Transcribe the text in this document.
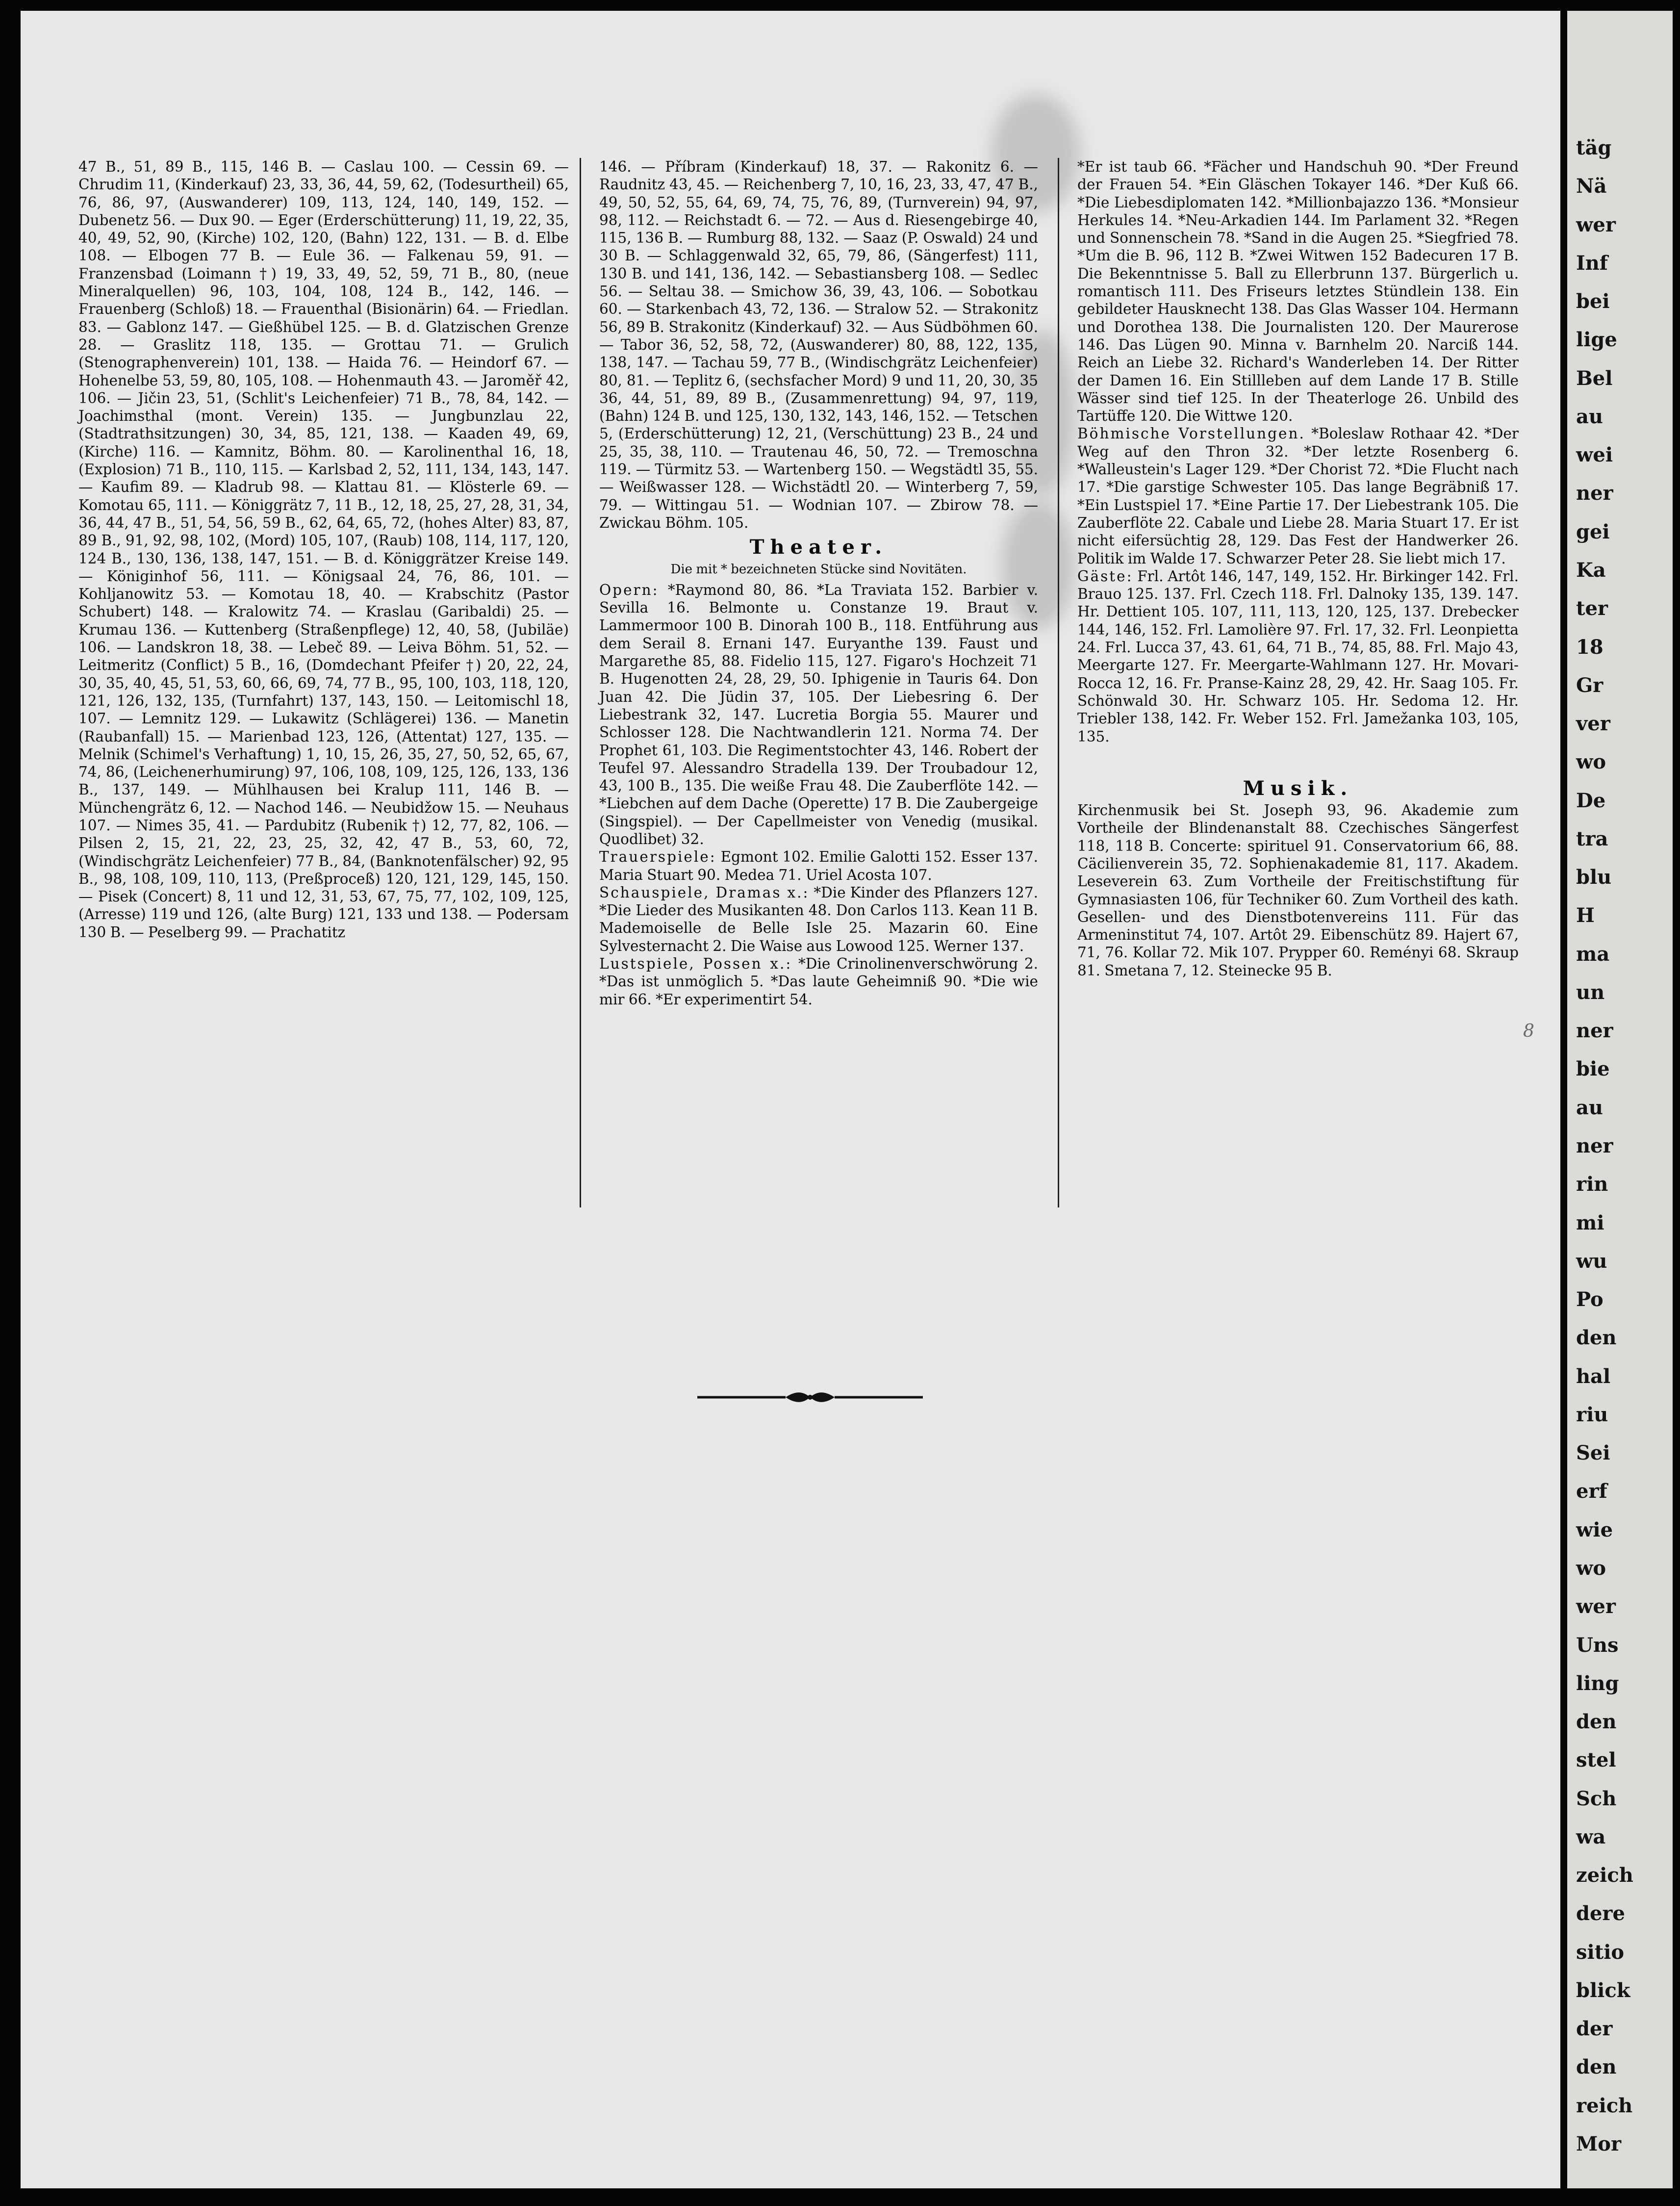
47 B., 51, 89 B., 115, 146 B. — Caslau 100. — Cessin 69. — Chrudim 11, (Kinderkauf) 23, 33, 36, 44, 59, 62, (Todesurtheil) 65, 76, 86, 97, (Auswanderer) 109, 113, 124, 140, 149, 152. — Dubenetz 56. — Dux 90. — Eger (Erderschütterung) 11, 19, 22, 35, 40, 49, 52, 90, (Kirche) 102, 120, (Bahn) 122, 131. — B. d. Elbe 108. — Elbogen 77 B. — Eule 36. — Falkenau 59, 91. — Franzensbad (Loimann †) 19, 33, 49, 52, 59, 71 B., 80, (neue Mineralquellen) 96, 103, 104, 108, 124 B., 142, 146. — Frauenberg (Schloß) 18. — Frauenthal (Bisionärin) 64. — Friedlan. 83. — Gablonz 147. — Gießhübel 125. — B. d. Glatzischen Grenze 28. — Graslitz 118, 135. — Grottau 71. — Grulich (Stenographenverein) 101, 138. — Haida 76. — Heindorf 67. — Hohenelbe 53, 59, 80, 105, 108. — Hohenmauth 43. — Jaroměř 42, 106. — Jičin 23, 51, (Schlit's Leichenfeier) 71 B., 78, 84, 142. — Joachimsthal (mont. Verein) 135. — Jungbunzlau 22, (Stadtrathsitzungen) 30, 34, 85, 121, 138. — Kaaden 49, 69, (Kirche) 116. — Kamnitz, Böhm. 80. — Karolinenthal 16, 18, (Explosion) 71 B., 110, 115. — Karlsbad 2, 52, 111, 134, 143, 147. — Kaufim 89. — Kladrub 98. — Klattau 81. — Klösterle 69. — Komotau 65, 111. — Königgrätz 7, 11 B., 12, 18, 25, 27, 28, 31, 34, 36, 44, 47 B., 51, 54, 56, 59 B., 62, 64, 65, 72, (hohes Alter) 83, 87, 89 B., 91, 92, 98, 102, (Mord) 105, 107, (Raub) 108, 114, 117, 120, 124 B., 130, 136, 138, 147, 151. — B. d. Königgrätzer Kreise 149. — Königinhof 56, 111. — Königsaal 24, 76, 86, 101. — Kohljanowitz 53. — Komotau 18, 40. — Krabschitz (Pastor Schubert) 148. — Kralowitz 74. — Kraslau (Garibaldi) 25. — Krumau 136. — Kuttenberg (Straßenpflege) 12, 40, 58, (Jubiläe) 106. — Landskron 18, 38. — Lebeč 89. — Leiva Böhm. 51, 52. — Leitmeritz (Conflict) 5 B., 16, (Domdechant Pfeifer †) 20, 22, 24, 30, 35, 40, 45, 51, 53, 60, 66, 69, 74, 77 B., 95, 100, 103, 118, 120, 121, 126, 132, 135, (Turnfahrt) 137, 143, 150. — Leitomischl 18, 107. — Lemnitz 129. — Lukawitz (Schlägerei) 136. — Manetin (Raubanfall) 15. — Marienbad 123, 126, (Attentat) 127, 135. — Melnik (Schimel's Verhaftung) 1, 10, 15, 26, 35, 27, 50, 52, 65, 67, 74, 86, (Leichenerhumirung) 97, 106, 108, 109, 125, 126, 133, 136 B., 137, 149. — Mühlhausen bei Kralup 111, 146 B. — Münchengrätz 6, 12. — Nachod 146. — Neubidžow 15. — Neuhaus 107. — Nimes 35, 41. — Pardubitz (Rubenik †) 12, 77, 82, 106. — Pilsen 2, 15, 21, 22, 23, 25, 32, 42, 47 B., 53, 60, 72, (Windischgrätz Leichenfeier) 77 B., 84, (Banknotenfälscher) 92, 95 B., 98, 108, 109, 110, 113, (Preßproceß) 120, 121, 129, 145, 150. — Pisek (Concert) 8, 11 und 12, 31, 53, 67, 75, 77, 102, 109, 125, (Arresse) 119 und 126, (alte Burg) 121, 133 und 138. — Podersam 130 B. — Peselberg 99. — Prachatitz

146. — Příbram (Kinderkauf) 18, 37. — Rakonitz 6. — Raudnitz 43, 45. — Reichenberg 7, 10, 16, 23, 33, 47, 47 B., 49, 50, 52, 55, 64, 69, 74, 75, 76, 89, (Turnverein) 94, 97, 98, 112. — Reichstadt 6. — 72. — Aus d. Riesengebirge 40, 115, 136 B. — Rumburg 88, 132. — Saaz (P. Oswald) 24 und 30 B. — Schlaggenwald 32, 65, 79, 86, (Sängerfest) 111, 130 B. und 141, 136, 142. — Sebastiansberg 108. — Sedlec 56. — Seltau 38. — Smichow 36, 39, 43, 106. — Sobotkau 60. — Starkenbach 43, 72, 136. — Stralow 52. — Strakonitz 56, 89 B. Strakonitz (Kinderkauf) 32. — Aus Südböhmen 60. — Tabor 36, 52, 58, 72, (Auswanderer) 80, 88, 122, 135, 138, 147. — Tachau 59, 77 B., (Windischgrätz Leichenfeier) 80, 81. — Teplitz 6, (sechsfacher Mord) 9 und 11, 20, 30, 35 36, 44, 51, 89, 89 B., (Zusammenrettung) 94, 97, 119, (Bahn) 124 B. und 125, 130, 132, 143, 146, 152. — Tetschen 5, (Erderschütterung) 12, 21, (Verschüttung) 23 B., 24 und 25, 35, 38, 110. — Trautenau 46, 50, 72. — Tremoschna 119. — Türmitz 53. — Wartenberg 150. — Wegstädtl 35, 55. — Weißwasser 128. — Wichstädtl 20. — Winterberg 7, 59, 79. — Wittingau 51. — Wodnian 107. — Zbirow 78. — Zwickau Böhm. 105.

Theater.
Die mit * bezeichneten Stücke sind Novitäten.

Opern: *Raymond 80, 86. *La Traviata 152. Barbier v. Sevilla 16. Belmonte u. Constanze 19. Braut v. Lammermoor 100 B. Dinorah 100 B., 118. Entführung aus dem Serail 8. Ernani 147. Euryanthe 139. Faust und Margarethe 85, 88. Fidelio 115, 127. Figaro's Hochzeit 71 B. Hugenotten 24, 28, 29, 50. Iphigenie in Tauris 64. Don Juan 42. Die Jüdin 37, 105. Der Liebesring 6. Der Liebestrank 32, 147. Lucretia Borgia 55. Maurer und Schlosser 128. Die Nachtwandlerin 121. Norma 74. Der Prophet 61, 103. Die Regimentstochter 43, 146. Robert der Teufel 97. Alessandro Stradella 139. Der Troubadour 12, 43, 100 B., 135. Die weiße Frau 48. Die Zauberflöte 142. — *Liebchen auf dem Dache (Operette) 17 B. Die Zaubergeige (Singspiel). — Der Capellmeister von Venedig (musikal. Quodlibet) 32.

Trauerspiele: Egmont 102. Emilie Galotti 152. Esser 137. Maria Stuart 90. Medea 71. Uriel Acosta 107.

Schauspiele, Dramas x.: *Die Kinder des Pflanzers 127. *Die Lieder des Musikanten 48. Don Carlos 113. Kean 11 B. Mademoiselle de Belle Isle 25. Mazarin 60. Eine Sylvesternacht 2. Die Waise aus Lowood 125. Werner 137.

Lustspiele, Possen x.: *Die Crinolinenverschwörung 2. *Das ist unmöglich 5. *Das laute Geheimniß 90. *Die wie mir 66. *Er experimentirt 54.

*Er ist taub 66. *Fächer und Handschuh 90. *Der Freund der Frauen 54. *Ein Gläschen Tokayer 146. *Der Kuß 66. *Die Liebesdiplomaten 142. *Millionbajazzo 136. *Monsieur Herkules 14. *Neu-Arkadien 144. Im Parlament 32. *Regen und Sonnenschein 78. *Sand in die Augen 25. *Siegfried 78. *Um die B. 96, 112 B. *Zwei Witwen 152 Badecuren 17 B. Die Bekenntnisse 5. Ball zu Ellerbrunn 137. Bürgerlich u. romantisch 111. Des Friseurs letztes Stündlein 138. Ein gebildeter Hausknecht 138. Das Glas Wasser 104. Hermann und Dorothea 138. Die Journalisten 120. Der Maurerose 146. Das Lügen 90. Minna v. Barnhelm 20. Narciß 144. Reich an Liebe 32. Richard's Wanderleben 14. Der Ritter der Damen 16. Ein Stillleben auf dem Lande 17 B. Stille Wässer sind tief 125. In der Theaterloge 26. Unbild des Tartüffe 120. Die Wittwe 120.

Böhmische Vorstellungen. *Boleslaw Rothaar 42. *Der Weg auf den Thron 32. *Der letzte Rosenberg 6. *Walleustein's Lager 129. *Der Chorist 72. *Die Flucht nach 17. *Die garstige Schwester 105. Das lange Begräbniß 17. *Ein Lustspiel 17. *Eine Partie 17. Der Liebestrank 105. Die Zauberflöte 22. Cabale und Liebe 28. Maria Stuart 17. Er ist nicht eifersüchtig 28, 129. Das Fest der Handwerker 26. Politik im Walde 17. Schwarzer Peter 28. Sie liebt mich 17.

Gäste: Frl. Artôt 146, 147, 149, 152. Hr. Birkinger 142. Frl. Brauo 125. 137. Frl. Czech 118. Frl. Dalnoky 135, 139. 147. Hr. Dettient 105. 107, 111, 113, 120, 125, 137. Drebecker 144, 146, 152. Frl. Lamolière 97. Frl. 17, 32. Frl. Leonpietta 24. Frl. Lucca 37, 43. 61, 64, 71 B., 74, 85, 88. Frl. Majo 43, Meergarte 127. Fr. Meergarte-Wahlmann 127. Hr. Movari-Rocca 12, 16. Fr. Pranse-Kainz 28, 29, 42. Hr. Saag 105. Fr. Schönwald 30. Hr. Schwarz 105. Hr. Sedoma 12. Hr. Triebler 138, 142. Fr. Weber 152. Frl. Jamežanka 103, 105, 135.

Musik.

Kirchenmusik bei St. Joseph 93, 96. Akademie zum Vortheile der Blindenanstalt 88. Czechisches Sängerfest 118, 118 B. Concerte: spirituel 91. Conservatorium 66, 88. Cäcilienverein 35, 72. Sophienakademie 81, 117. Akadem. Leseverein 63. Zum Vortheile der Freitischstiftung für Gymnasiasten 106, für Techniker 60. Zum Vortheil des kath. Gesellen- und des Dienstbotenvereins 111. Für das Armeninstitut 74, 107. Artôt 29. Eibenschütz 89. Hajert 67, 71, 76. Kollar 72. Mik 107. Prypper 60. Reményi 68. Skraup 81. Smetana 7, 12. Steinecke 95 B.

8
täg
Nä
wer
Inf
bei
lige
Bel
au
wei
ner
gei
Ka
ter
18
Gr
ver
wo
De
tra
blu
H
ma
un
ner
bie
au
ner
rin
mi
wu
Po
den
hal
riu
Sei
erf
wie
wo
wer
Uns
ling
den
stel
Sch
wa
zeich
dere
sitio
blick
der
den
reich
Mor
